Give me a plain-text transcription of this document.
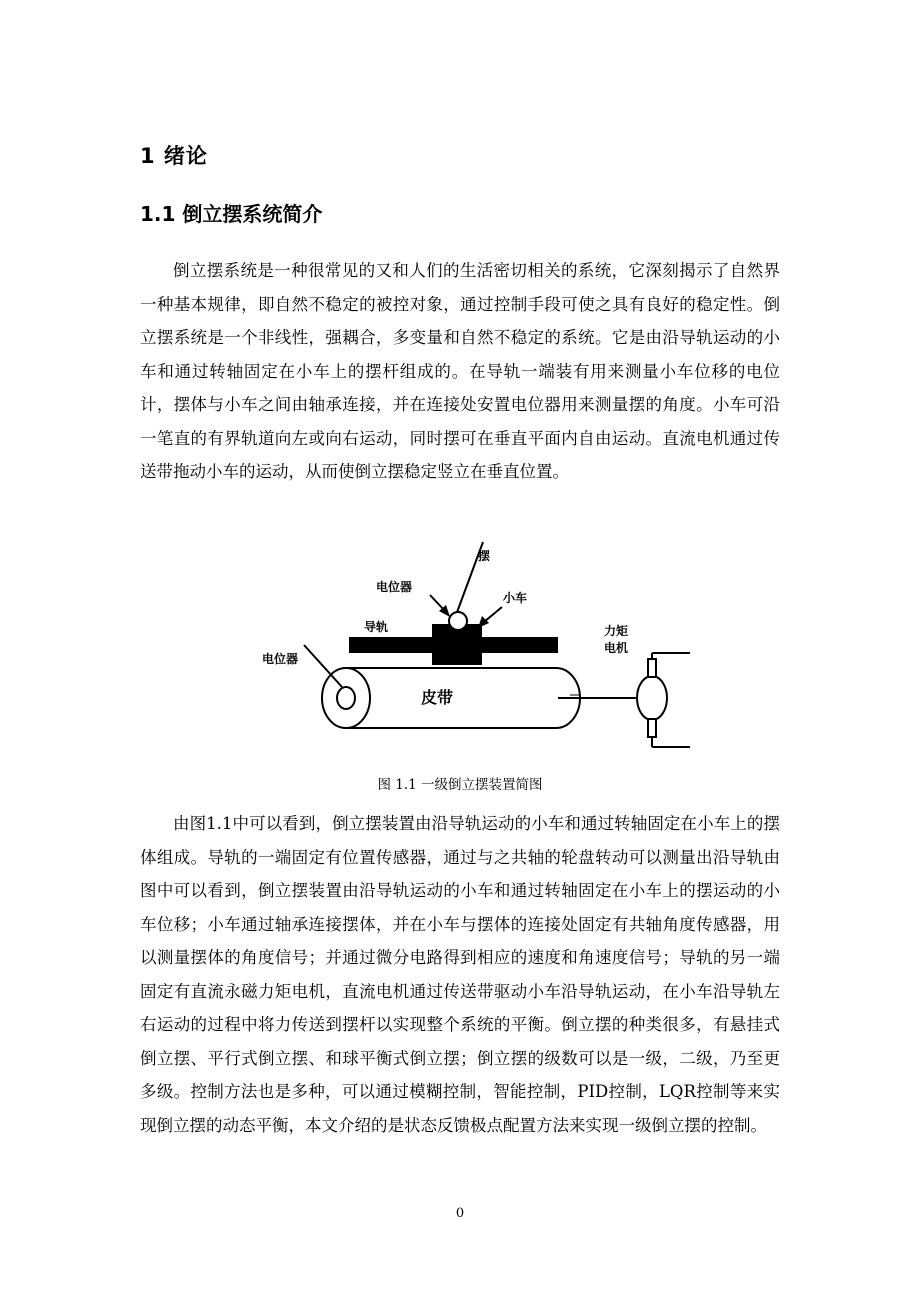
1 绪论
1.1 倒立摆系统简介

倒立摆系统是一种很常见的又和人们的生活密切相关的系统，它深刻揭示了自然界一种基本规律，即自然不稳定的被控对象，通过控制手段可使之具有良好的稳定性。倒立摆系统是一个非线性，强耦合，多变量和自然不稳定的系统。它是由沿导轨运动的小车和通过转轴固定在小车上的摆杆组成的。在导轨一端装有用来测量小车位移的电位计，摆体与小车之间由轴承连接，并在连接处安置电位器用来测量摆的角度。小车可沿一笔直的有界轨道向左或向右运动，同时摆可在垂直平面内自由运动。直流电机通过传送带拖动小车的运动，从而使倒立摆稳定竖立在垂直位置。

摆
电位器
小车
导轨	力矩
电机
电位器
皮带

图 1.1 一级倒立摆装置简图

由图1.1中可以看到，倒立摆装置由沿导轨运动的小车和通过转轴固定在小车上的摆体组成。导轨的一端固定有位置传感器，通过与之共轴的轮盘转动可以测量出沿导轨由图中可以看到，倒立摆装置由沿导轨运动的小车和通过转轴固定在小车上的摆运动的小车位移；小车通过轴承连接摆体，并在小车与摆体的连接处固定有共轴角度传感器，用以测量摆体的角度信号；并通过微分电路得到相应的速度和角速度信号；导轨的另一端固定有直流永磁力矩电机，直流电机通过传送带驱动小车沿导轨运动，在小车沿导轨左右运动的过程中将力传送到摆杆以实现整个系统的平衡。倒立摆的种类很多，有悬挂式倒立摆、平行式倒立摆、和球平衡式倒立摆；倒立摆的级数可以是一级，二级，乃至更多级。控制方法也是多种，可以通过模糊控制，智能控制，PID控制，LQR控制等来实现倒立摆的动态平衡，本文介绍的是状态反馈极点配置方法来实现一级倒立摆的控制。

0
